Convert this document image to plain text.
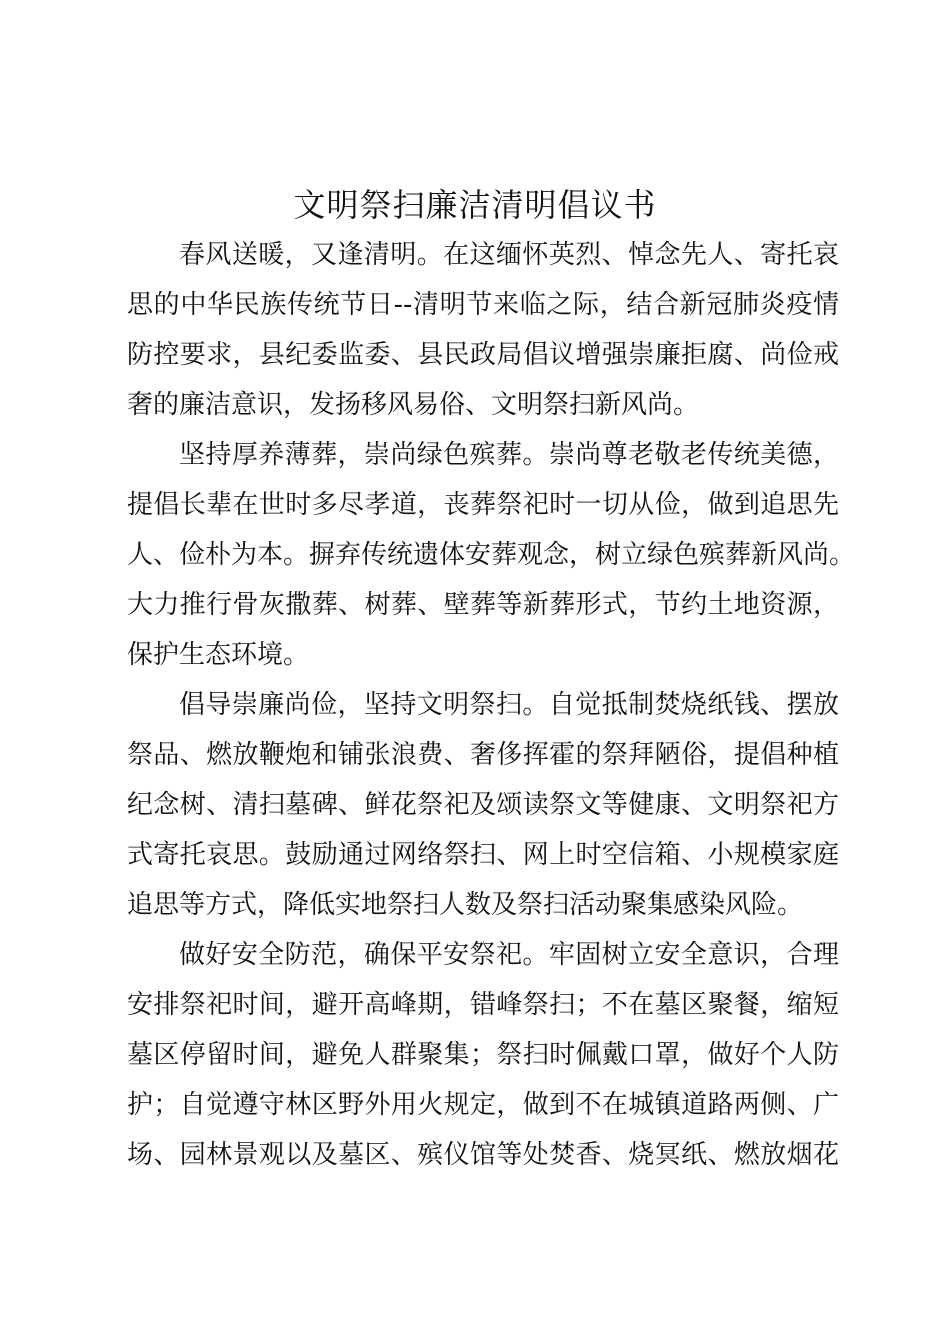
文明祭扫廉洁清明倡议书
春风送暖，又逢清明。在这缅怀英烈、悼念先人、寄托哀
思的中华民族传统节日--清明节来临之际，结合新冠肺炎疫情
防控要求，县纪委监委、县民政局倡议增强崇廉拒腐、尚俭戒
奢的廉洁意识，发扬移风易俗、文明祭扫新风尚。
坚持厚养薄葬，崇尚绿色殡葬。崇尚尊老敬老传统美德，
提倡长辈在世时多尽孝道，丧葬祭祀时一切从俭，做到追思先
人、俭朴为本。摒弃传统遗体安葬观念，树立绿色殡葬新风尚。
大力推行骨灰撒葬、树葬、壁葬等新葬形式，节约土地资源，
保护生态环境。
倡导崇廉尚俭，坚持文明祭扫。自觉抵制焚烧纸钱、摆放
祭品、燃放鞭炮和铺张浪费、奢侈挥霍的祭拜陋俗，提倡种植
纪念树、清扫墓碑、鲜花祭祀及颂读祭文等健康、文明祭祀方
式寄托哀思。鼓励通过网络祭扫、网上时空信箱、小规模家庭
追思等方式，降低实地祭扫人数及祭扫活动聚集感染风险。
做好安全防范，确保平安祭祀。牢固树立安全意识，合理
安排祭祀时间，避开高峰期，错峰祭扫；不在墓区聚餐，缩短
墓区停留时间，避免人群聚集；祭扫时佩戴口罩，做好个人防
护；自觉遵守林区野外用火规定，做到不在城镇道路两侧、广
场、园林景观以及墓区、殡仪馆等处焚香、烧冥纸、燃放烟花
